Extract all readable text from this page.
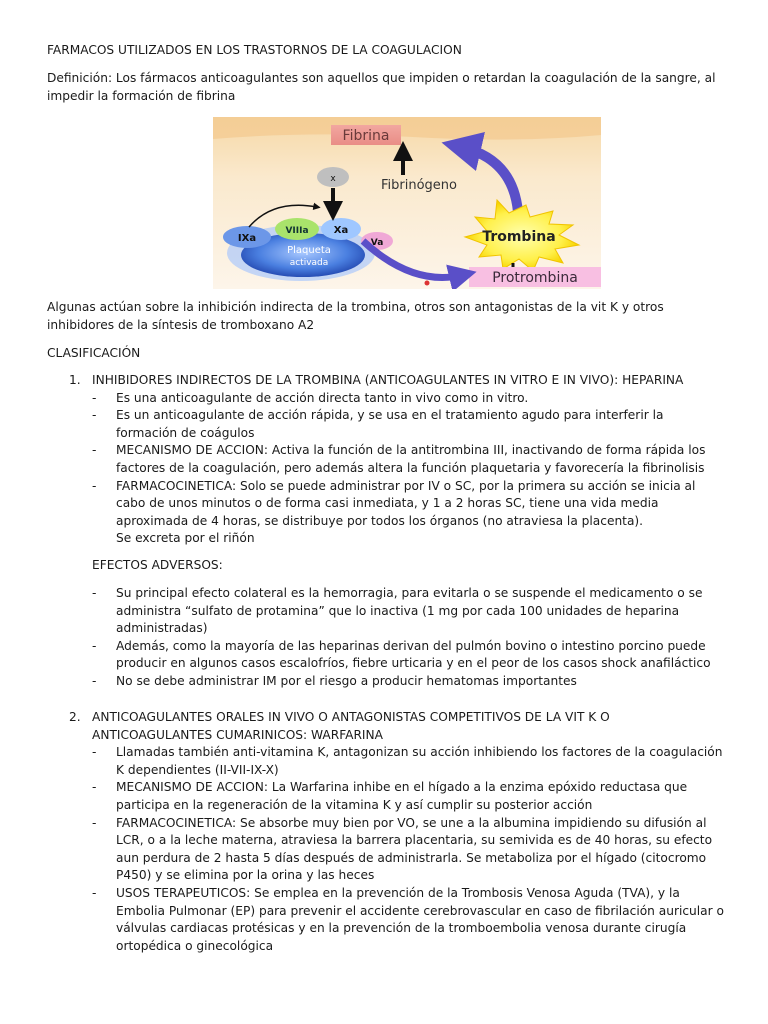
FARMACOS UTILIZADOS EN LOS TRASTORNOS DE LA COAGULACION
Definición: Los fármacos anticoagulantes son aquellos que impiden o retardan la coagulación de la sangre, al impedir la formación de fibrina
Fibrina
Fibrinógeno
Trombina
Protrombina
Plaqueta
activada
IXa
VIIIa	Xa
Va
x
Algunas actúan sobre la inhibición indirecta de la trombina, otros son antagonistas de la vit K y otros inhibidores de la síntesis de tromboxano A2
CLASIFICACIÓN
1. INHIBIDORES INDIRECTOS DE LA TROMBINA (ANTICOAGULANTES IN VITRO E IN VIVO): HEPARINA
- Es una anticoagulante de acción directa tanto in vivo como in vitro.
- Es un anticoagulante de acción rápida, y se usa en el tratamiento agudo para interferir la formación de coágulos
- MECANISMO DE ACCION: Activa la función de la antitrombina III, inactivando de forma rápida los factores de la coagulación, pero además altera la función plaquetaria y favorecería la fibrinolisis
- FARMACOCINETICA: Solo se puede administrar por IV o SC, por la primera su acción se inicia al cabo de unos minutos o de forma casi inmediata, y 1 a 2 horas SC, tiene una vida media aproximada de 4 horas, se distribuye por todos los órganos (no atraviesa la placenta).
Se excreta por el riñón
EFECTOS ADVERSOS:
- Su principal efecto colateral es la hemorragia, para evitarla o se suspende el medicamento o se administra “sulfato de protamina” que lo inactiva (1 mg por cada 100 unidades de heparina administradas)
- Además, como la mayoría de las heparinas derivan del pulmón bovino o intestino porcino puede producir en algunos casos escalofríos, fiebre urticaria y en el peor de los casos shock anafiláctico
- No se debe administrar IM por el riesgo a producir hematomas importantes
2. ANTICOAGULANTES ORALES IN VIVO O ANTAGONISTAS COMPETITIVOS DE LA VIT K O ANTICOAGULANTES CUMARINICOS: WARFARINA
- Llamadas también anti-vitamina K, antagonizan su acción inhibiendo los factores de la coagulación K dependientes (II-VII-IX-X)
- MECANISMO DE ACCION: La Warfarina inhibe en el hígado a la enzima epóxido reductasa que participa en la regeneración de la vitamina K y así cumplir su posterior acción
- FARMACOCINETICA: Se absorbe muy bien por VO, se une a la albumina impidiendo su difusión al LCR, o a la leche materna, atraviesa la barrera placentaria, su semivida es de 40 horas, su efecto aun perdura de 2 hasta 5 días después de administrarla. Se metaboliza por el hígado (citocromo P450) y se elimina por la orina y las heces
- USOS TERAPEUTICOS: Se emplea en la prevención de la Trombosis Venosa Aguda (TVA), y la Embolia Pulmonar (EP) para prevenir el accidente cerebrovascular en caso de fibrilación auricular o válvulas cardiacas protésicas y en la prevención de la tromboembolia venosa durante cirugía ortopédica o ginecológica
